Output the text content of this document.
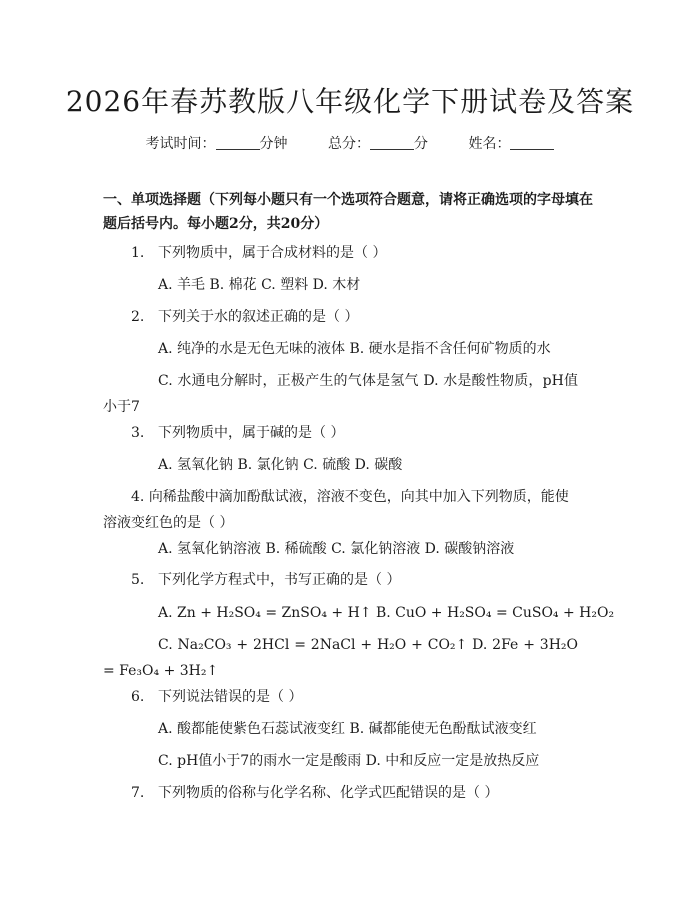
2026年春苏教版八年级化学下册试卷及答案
考试时间：	分钟	总分：	分	姓名：
一、单项选择题（下列每小题只有一个选项符合题意，请将正确选项的字母填在题后括号内。每小题2分，共20分）
1. 下列物质中，属于合成材料的是（ ）
A. 羊毛 B. 棉花 C. 塑料 D. 木材
2. 下列关于水的叙述正确的是（ ）
A. 纯净的水是无色无味的液体 B. 硬水是指不含任何矿物质的水
C. 水通电分解时，正极产生的气体是氢气 D. 水是酸性物质，pH值小于7
3. 下列物质中，属于碱的是（ ）
A. 氢氧化钠 B. 氯化钠 C. 硫酸 D. 碳酸
4. 向稀盐酸中滴加酚酞试液，溶液不变色，向其中加入下列物质，能使溶液变红色的是（ ）
A. 氢氧化钠溶液 B. 稀硫酸 C. 氯化钠溶液 D. 碳酸钠溶液
5. 下列化学方程式中，书写正确的是（ ）
A. Zn + H₂SO₄ = ZnSO₄ + H↑ B. CuO + H₂SO₄ = CuSO₄ + H₂O₂
C. Na₂CO₃ + 2HCl = 2NaCl + H₂O + CO₂↑ D. 2Fe + 3H₂O = Fe₃O₄ + 3H₂↑
6. 下列说法错误的是（ ）
A. 酸都能使紫色石蕊试液变红 B. 碱都能使无色酚酞试液变红
C. pH值小于7的雨水一定是酸雨 D. 中和反应一定是放热反应
7. 下列物质的俗称与化学名称、化学式匹配错误的是（ ）
